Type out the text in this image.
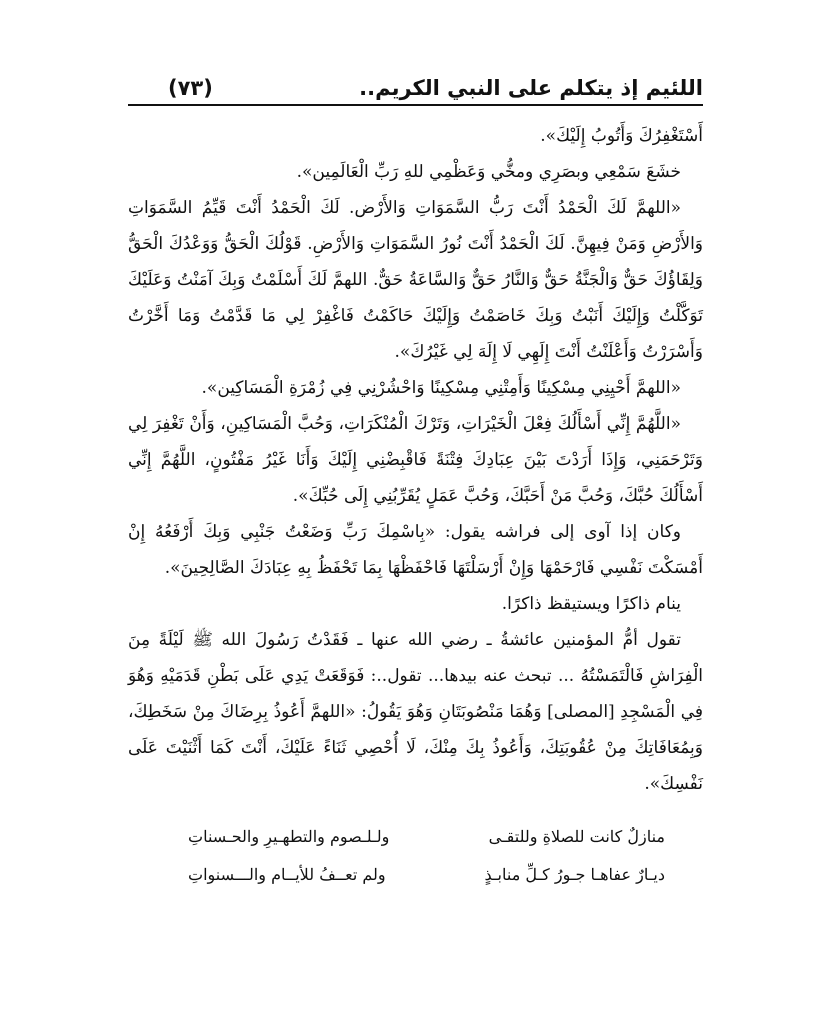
اللئيم إذ يتكلم على النبي الكريم..
(٧٣)

أَسْتَغْفِرُكَ وَأَتُوبُ إِلَيْكَ».

خشَعَ سَمْعِي وبصَرِي ومخُّي وَعَظْمِي للهِ رَبِّ الْعَالَمِين».

«اللهمَّ لَكَ الْحَمْدُ أَنْتَ رَبُّ السَّمَوَاتِ وَالأَرْض. لَكَ الْحَمْدُ أَنْتَ قَيِّمُ السَّمَوَاتِ وَالأَرْضِ وَمَنْ فِيهِنَّ. لَكَ الْحَمْدُ أَنْتَ نُورُ السَّمَوَاتِ وَالأَرْضِ. قَوْلُكَ الْحَقُّ وَوَعْدُكَ الْحَقُّ وَلِقَاؤُكَ حَقٌّ وَالْجَنَّةُ حَقٌّ وَالنَّارُ حَقٌّ وَالسَّاعَةُ حَقٌّ. اللهمَّ لَكَ أَسْلَمْتُ وَبِكَ آمَنْتُ وَعَلَيْكَ تَوَكَّلْتُ وَإِلَيْكَ أَنَبْتُ وَبِكَ خَاصَمْتُ وَإِلَيْكَ حَاكَمْتُ فَاغْفِرْ لِي مَا قَدَّمْتُ وَمَا أَخَّرْتُ وَأَسْرَرْتُ وَأَعْلَنْتُ أَنْتَ إِلَهِي لَا إِلَهَ لِي غَيْرُكَ».

«اللهمَّ أَحْيِنِي مِسْكِينًا وَأَمِتْنِي مِسْكِينًا وَاحْشُرْنِي فِي زُمْرَةِ الْمَسَاكِين».

«اللَّهُمَّ إِنِّي أَسْأَلُكَ فِعْلَ الْخَيْرَاتِ، وَتَرْكَ الْمُنْكَرَاتِ، وَحُبَّ الْمَسَاكِينِ، وَأَنْ تَغْفِرَ لِي وَتَرْحَمَنِي، وَإِذَا أَرَدْتَ بَيْنَ عِبَادِكَ فِتْنَةً فَاقْبِضْنِي إِلَيْكَ وَأَنَا غَيْرُ مَفْتُونٍ، اللَّهُمَّ إِنِّي أَسْأَلُكَ حُبَّكَ، وَحُبَّ مَنْ أَحَبَّكَ، وَحُبَّ عَمَلٍ يُقَرِّبُنِي إِلَى حُبِّكَ».

وكان إذا آوى إلى فراشه يقول: «بِاسْمِكَ رَبِّ وَضَعْتُ جَنْبِي وَبِكَ أَرْفَعُهُ إِنْ أَمْسَكْتَ نَفْسِي فَارْحَمْهَا وَإِنْ أَرْسَلْتَهَا فَاحْفَظْهَا بِمَا تَحْفَظُ بِهِ عِبَادَكَ الصَّالِحِينَ».

ينام ذاكرًا ويستيقظ ذاكرًا.

تقول أمُّ المؤمنين عائشةُ ـ رضي الله عنها ـ فَقَدْتُ رَسُولَ الله ﷺ لَيْلَةً مِنَ الْفِرَاشِ فَالْتَمَسْتُهُ ... تبحث عنه بيدها... تقول..: فَوَقَعَتْ يَدِي عَلَى بَطْنِ قَدَمَيْهِ وَهُوَ فِي الْمَسْجِدِ [المصلى] وَهُمَا مَنْصُوبَتَانِ وَهُوَ يَقُولُ: «اللهمَّ أَعُوذُ بِرِضَاكَ مِنْ سَخَطِكَ، وَبِمُعَافَاتِكَ مِنْ عُقُوبَتِكَ، وَأَعُوذُ بِكَ مِنْكَ، لَا أُحْصِي ثَنَاءً عَلَيْكَ، أَنْتَ كَمَا أَثْنَيْتَ عَلَى نَفْسِكَ».

منازلٌ كانت للصلاةِ وللتقـى
ولـلـصوم والتطهـيرِ والحـسناتِ
ديـارٌ عفاهـا جـورُ كـلِّ منابـذٍ
ولم تعــفُ للأيــام والـــسنواتِ
